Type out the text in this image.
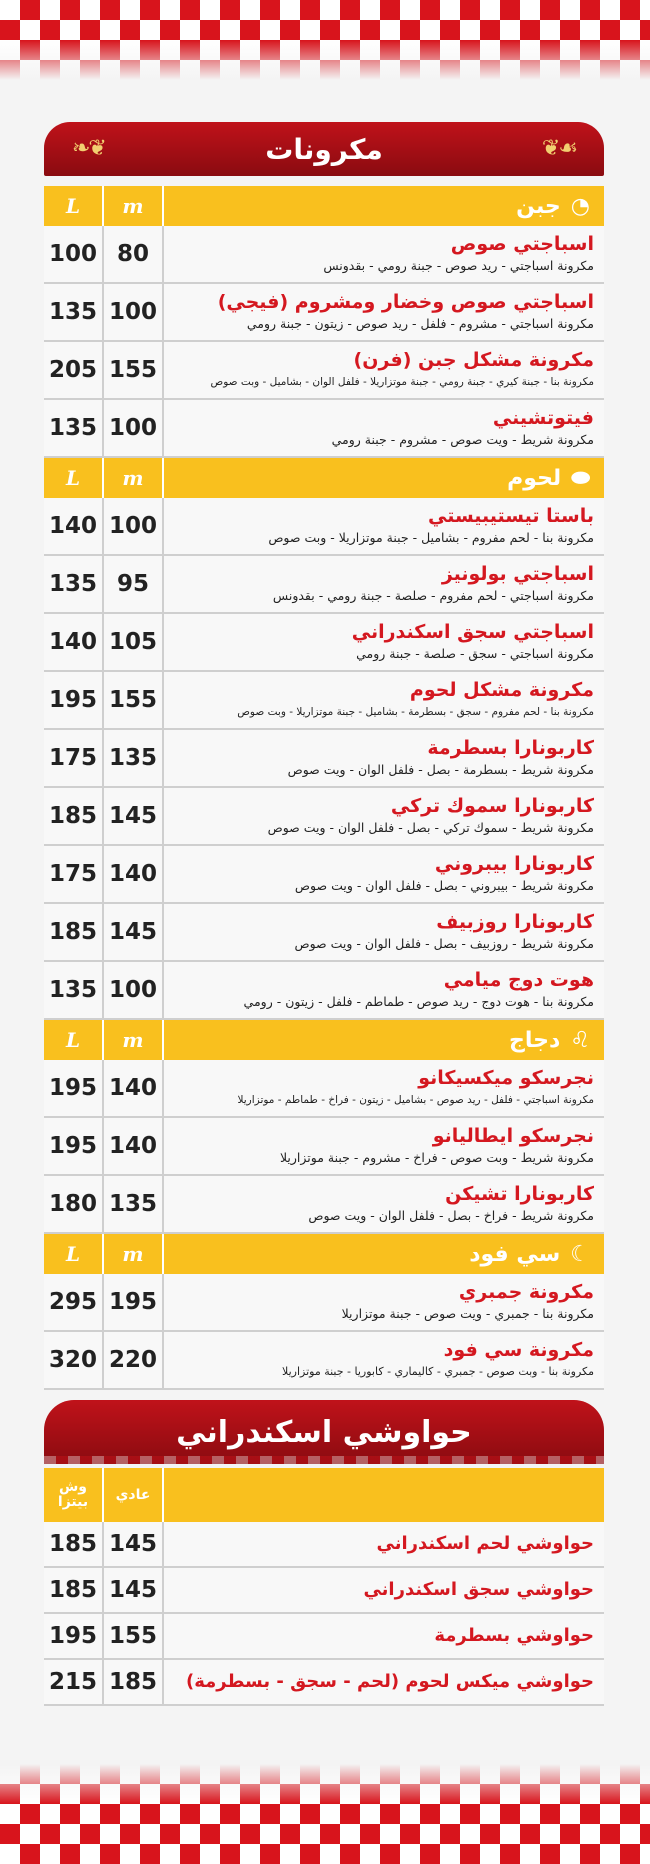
❧❦	مكرونات	❦☙
L	m	جبن ◔
100 80	اسباجتي صوص
مكرونة اسباجتي - ريد صوص - جبنة رومي - بقدونس
135 100	اسباجتي صوص وخضار ومشروم (فيجي)
مكرونة اسباجتي - مشروم - فلفل - ريد صوص - زيتون - جبنة رومي
205 155	مكرونة مشكل جبن (فرن)
مكرونة بنا - جبنة كيري - جبنة رومي - جبنة موتزاريلا - فلفل الوان - بشاميل - وبت صوص
135 100	فيتوتشيني
مكرونة شريط - ويت صوص - مشروم - جبنة رومي
L	m	لحوم ⬬
140 100	باستا تيستيبيستي
مكرونة بنا - لحم مفروم - بشاميل - جبنة موتزاريلا - وبت صوص
135 95	اسباجتي بولونيز
مكرونة اسباجتي - لحم مفروم - صلصة - جبنة رومي - بقدونس
140 105	اسباجتي سجق اسكندراني
مكرونة اسباجتي - سجق - صلصة - جبنة رومي
195 155	مكرونة مشكل لحوم
مكرونة بنا - لحم مفروم - سجق - بسطرمة - بشاميل - جبنة موتزاريلا - وبت صوص
175 135	كاربونارا بسطرمة
مكرونة شريط - بسطرمة - بصل - فلفل الوان - ويت صوص
185 145	كاربونارا سموك تركي
مكرونة شريط - سموك تركي - بصل - فلفل الوان - ويت صوص
175 140	كاربونارا بيبروني
مكرونة شريط - بيبروني - بصل - فلفل الوان - ويت صوص
185 145	كاربونارا روزبيف
مكرونة شريط - روزبيف - بصل - فلفل الوان - ويت صوص
135 100	هوت دوج ميامي
مكرونة بنا - هوت دوج - ريد صوص - طماطم - فلفل - زيتون - رومي
L	m	دجاج ♌
195 140	نجرسكو ميكسيكانو
مكرونة اسباجتي - فلفل - ريد صوص - بشاميل - زيتون - فراخ - طماطم - موتزاريلا
195 140	نجرسكو ايطاليانو
مكرونة شريط - وبت صوص - فراخ - مشروم - جبنة موتزاريلا
180 135	كاربونارا تشيكن
مكرونة شريط - فراخ - بصل - فلفل الوان - ويت صوص
L	m	سي فود ☾
295 195	مكرونة جمبري
مكرونة بنا - جمبري - ويت صوص - جبنة موتزاريلا
320 220	مكرونة سي فود
مكرونة بنا - وبت صوص - جمبري - كاليماري - كابوريا - جبنة موتزاريلا
حواوشي اسكندراني
وش بيتزا	عادي
185 145	حواوشي لحم اسكندراني
185 145	حواوشي سجق اسكندراني
195 155	حواوشي بسطرمة
215 185	حواوشي ميكس لحوم (لحم - سجق - بسطرمة)
